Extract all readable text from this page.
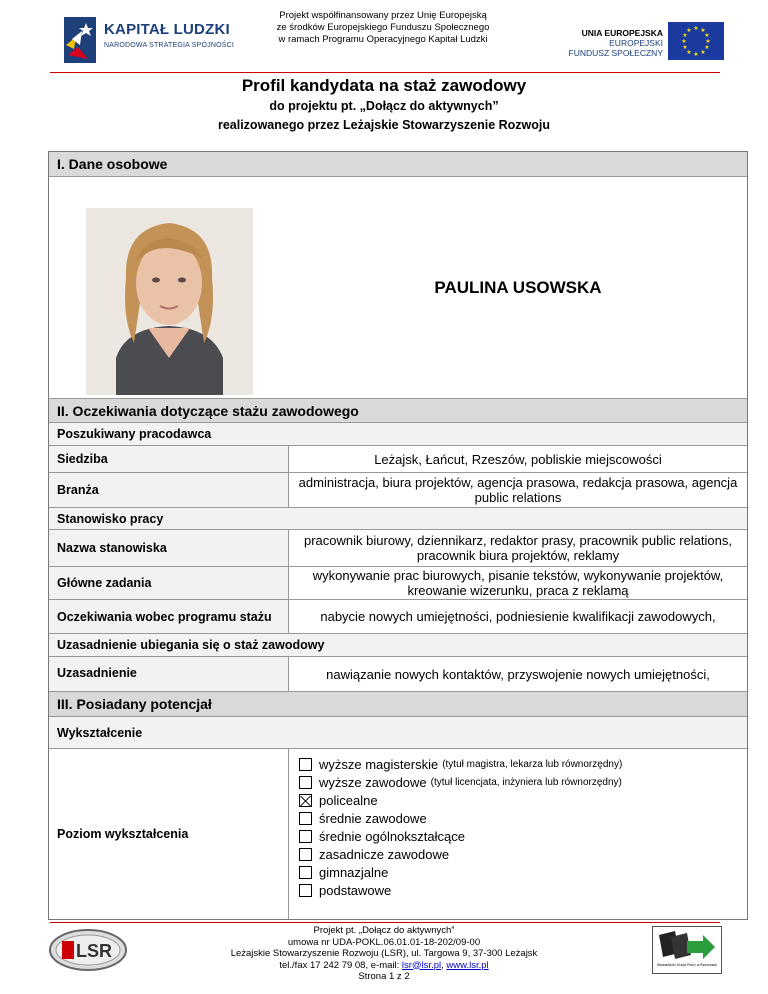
KAPITAŁ LUDZKI
NARODOWA STRATEGIA SPÓJNOŚCI
Projekt współfinansowany przez Unię Europejską
ze środków Europejskiego Funduszu Społecznego
w ramach Programu Operacyjnego Kapitał Ludzki
UNIA EUROPEJSKA
EUROPEJSKI
FUNDUSZ SPOŁECZNY
★ ★
★
★
★
★
★
★
★
★
★
★
Profil kandydata na staż zawodowy
do projektu pt. „Dołącz do aktywnych”
realizowanego przez Leżajskie Stowarzyszenie Rozwoju
I. Dane osobowe
PAULINA USOWSKA
II. Oczekiwania dotyczące stażu zawodowego
Poszukiwany pracodawca
Siedziba	Leżajsk, Łańcut, Rzeszów, pobliskie miejscowości
Branża	administracja, biura projektów, agencja prasowa, redakcja prasowa, agencja public relations
Stanowisko pracy
Nazwa stanowiska	pracownik biurowy, dziennikarz, redaktor prasy, pracownik public relations, pracownik biura projektów, reklamy
Główne zadania	wykonywanie prac biurowych, pisanie tekstów, wykonywanie projektów, kreowanie wizerunku, praca z reklamą
Oczekiwania wobec programu stażu	nabycie nowych umiejętności, podniesienie kwalifikacji zawodowych,
Uzasadnienie ubiegania się o staż zawodowy
Uzasadnienie	nawiązanie nowych kontaktów, przyswojenie nowych umiejętności,
III. Posiadany potencjał
Wykształcenie
Poziom wykształcenia
wyższe magisterskie (tytuł magistra, lekarza lub równorzędny)
wyższe zawodowe (tytuł licencjata, inżyniera lub równorzędny)
policealne
średnie zawodowe
średnie ogólnokształcące
zasadnicze zawodowe
gimnazjalne
podstawowe
LSR
Projekt pt. „Dołącz do aktywnych”
umowa nr UDA-POKL.06.01.01-18-202/09-00
Leżajskie Stowarzyszenie Rozwoju (LSR), ul. Targowa 9, 37-300 Leżajsk
tel./fax 17 242 79 08, e-mail: lsr@lsr.pl, www.lsr.pl
Strona 1 z 2
Wojewódzki Urząd Pracy w Rzeszowie
